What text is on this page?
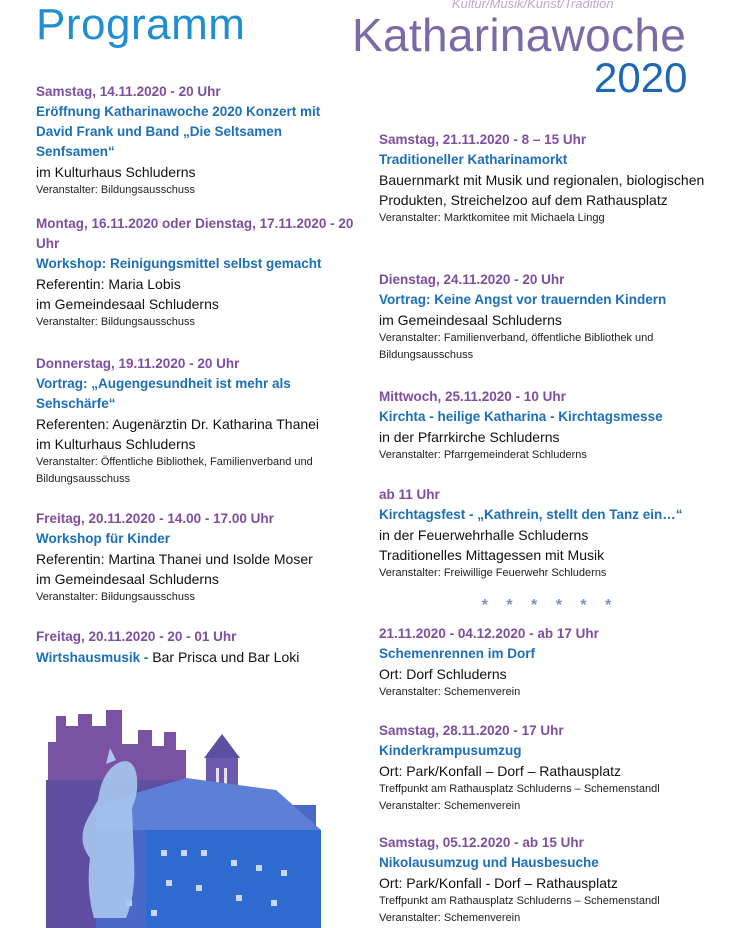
Programm	Kultur/Musik/Kunst/Tradition
Katharinawoche
2020
Samstag, 14.11.2020 - 20 Uhr
Eröffnung Katharinawoche 2020 Konzert mit David Frank und Band „Die Seltsamen Senfsamen“
im Kulturhaus Schluderns
Veranstalter: Bildungsausschuss
Montag, 16.11.2020 oder Dienstag, 17.11.2020 - 20 Uhr
Workshop: Reinigungsmittel selbst gemacht
Referentin: Maria Lobis
im Gemeindesaal Schluderns
Veranstalter: Bildungsausschuss
Donnerstag, 19.11.2020 - 20 Uhr
Vortrag: „Augengesundheit ist mehr als Sehschärfe“
Referenten: Augenärztin Dr. Katharina Thanei
im Kulturhaus Schluderns
Veranstalter: Öffentliche Bibliothek, Familienverband und Bildungsausschuss
Freitag, 20.11.2020 - 14.00 - 17.00 Uhr
Workshop für Kinder
Referentin: Martina Thanei und Isolde Moser
im Gemeindesaal Schluderns
Veranstalter: Bildungsausschuss
Freitag, 20.11.2020 - 20 - 01 Uhr
Wirtshausmusik - Bar Prisca und Bar Loki
Samstag, 21.11.2020 - 8 – 15 Uhr
Traditioneller Katharinamorkt
Bauernmarkt mit Musik und regionalen, biologischen Produkten, Streichelzoo auf dem Rathausplatz
Veranstalter: Marktkomitee mit Michaela Lingg
Dienstag, 24.11.2020 - 20 Uhr
Vortrag: Keine Angst vor trauernden Kindern
im Gemeindesaal Schluderns
Veranstalter: Familienverband, öffentliche Bibliothek und Bildungsausschuss
Mittwoch, 25.11.2020 - 10 Uhr
Kirchta - heilige Katharina - Kirchtagsmesse
in der Pfarrkirche Schluderns
Veranstalter: Pfarrgemeinderat Schluderns
ab 11 Uhr
Kirchtagsfest - „Kathrein, stellt den Tanz ein…“
in der Feuerwehrhalle Schluderns
Traditionelles Mittagessen mit Musik
Veranstalter: Freiwillige Feuerwehr Schluderns
* * * * * *
21.11.2020 - 04.12.2020 - ab 17 Uhr
Schemenrennen im Dorf
Ort: Dorf Schluderns
Veranstalter: Schemenverein
Samstag, 28.11.2020 - 17 Uhr
Kinderkrampusumzug
Ort: Park/Konfall – Dorf – Rathausplatz
Treffpunkt am Rathausplatz Schluderns – Schemenstandl
Veranstalter: Schemenverein
Samstag, 05.12.2020 - ab 15 Uhr
Nikolausumzug und Hausbesuche
Ort: Park/Konfall - Dorf – Rathausplatz
Treffpunkt am Rathausplatz Schluderns – Schemenstandl
Veranstalter: Schemenverein
